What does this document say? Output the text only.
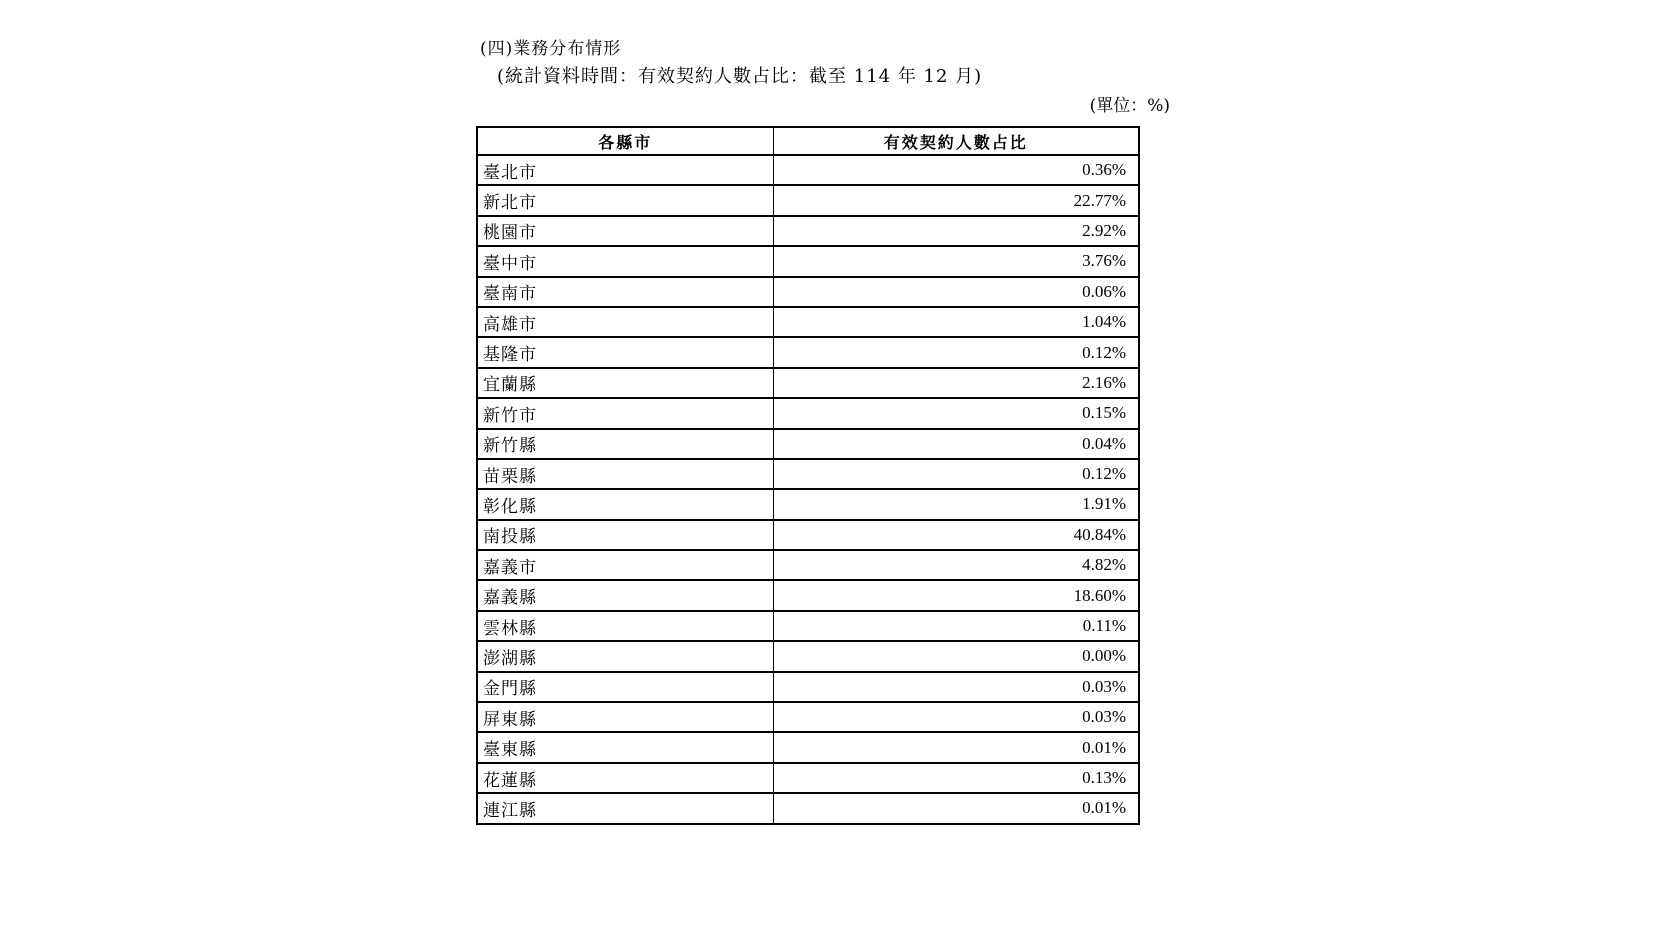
(四)業務分布情形
(統計資料時間：有效契約人數占比：截至 114 年 12 月)
(單位：%)
各縣市	有效契約人數占比
臺北市	0.36%
新北市	22.77%
桃園市	2.92%
臺中市	3.76%
臺南市	0.06%
高雄市	1.04%
基隆市	0.12%
宜蘭縣	2.16%
新竹市	0.15%
新竹縣	0.04%
苗栗縣	0.12%
彰化縣	1.91%
南投縣	40.84%
嘉義市	4.82%
嘉義縣	18.60%
雲林縣	0.11%
澎湖縣	0.00%
金門縣	0.03%
屏東縣	0.03%
臺東縣	0.01%
花蓮縣	0.13%
連江縣	0.01%
